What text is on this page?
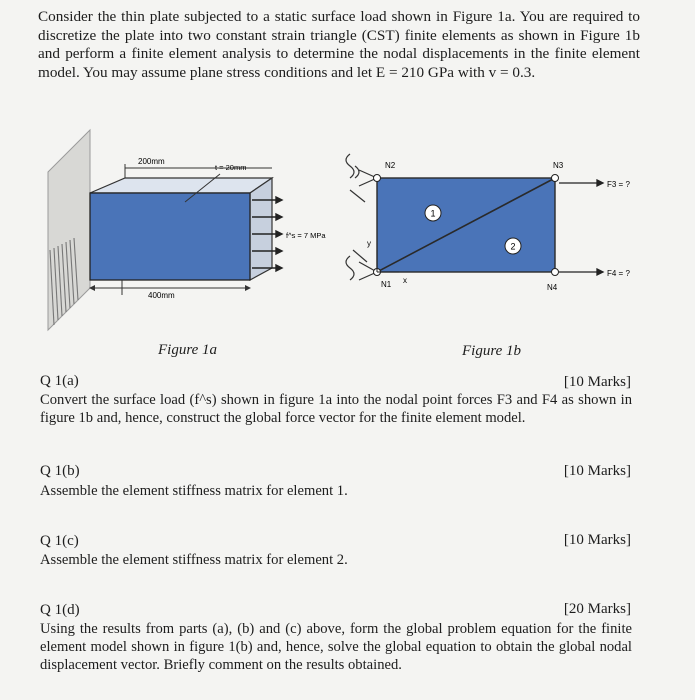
Consider the thin plate subjected to a static surface load shown in Figure 1a. You are required to discretize the plate into two constant strain triangle (CST) finite elements as shown in Figure 1b and perform a finite element analysis to determine the nodal displacements in the finite element model. You may assume plane stress conditions and let E = 210 GPa with v = 0.3.
200mm
t = 20mm
f^s = 7 MPa
400mm
Figure 1a
N1
N2	N3
N4
1
2
y
x
F3 = ?
F4 = ?
Figure 1b
Q 1(a)	[10 Marks]
Convert the surface load (f^s) shown in figure 1a into the nodal point forces F3 and F4 as shown in figure 1b and, hence, construct the global force vector for the finite element model.
Q 1(b)	[10 Marks]
Assemble the element stiffness matrix for element 1.
Q 1(c)	[10 Marks]
Assemble the element stiffness matrix for element 2.
Q 1(d)	[20 Marks]
Using the results from parts (a), (b) and (c) above, form the global problem equation for the finite element model shown in figure 1(b) and, hence, solve the global equation to obtain the global nodal displacement vector. Briefly comment on the results obtained.
